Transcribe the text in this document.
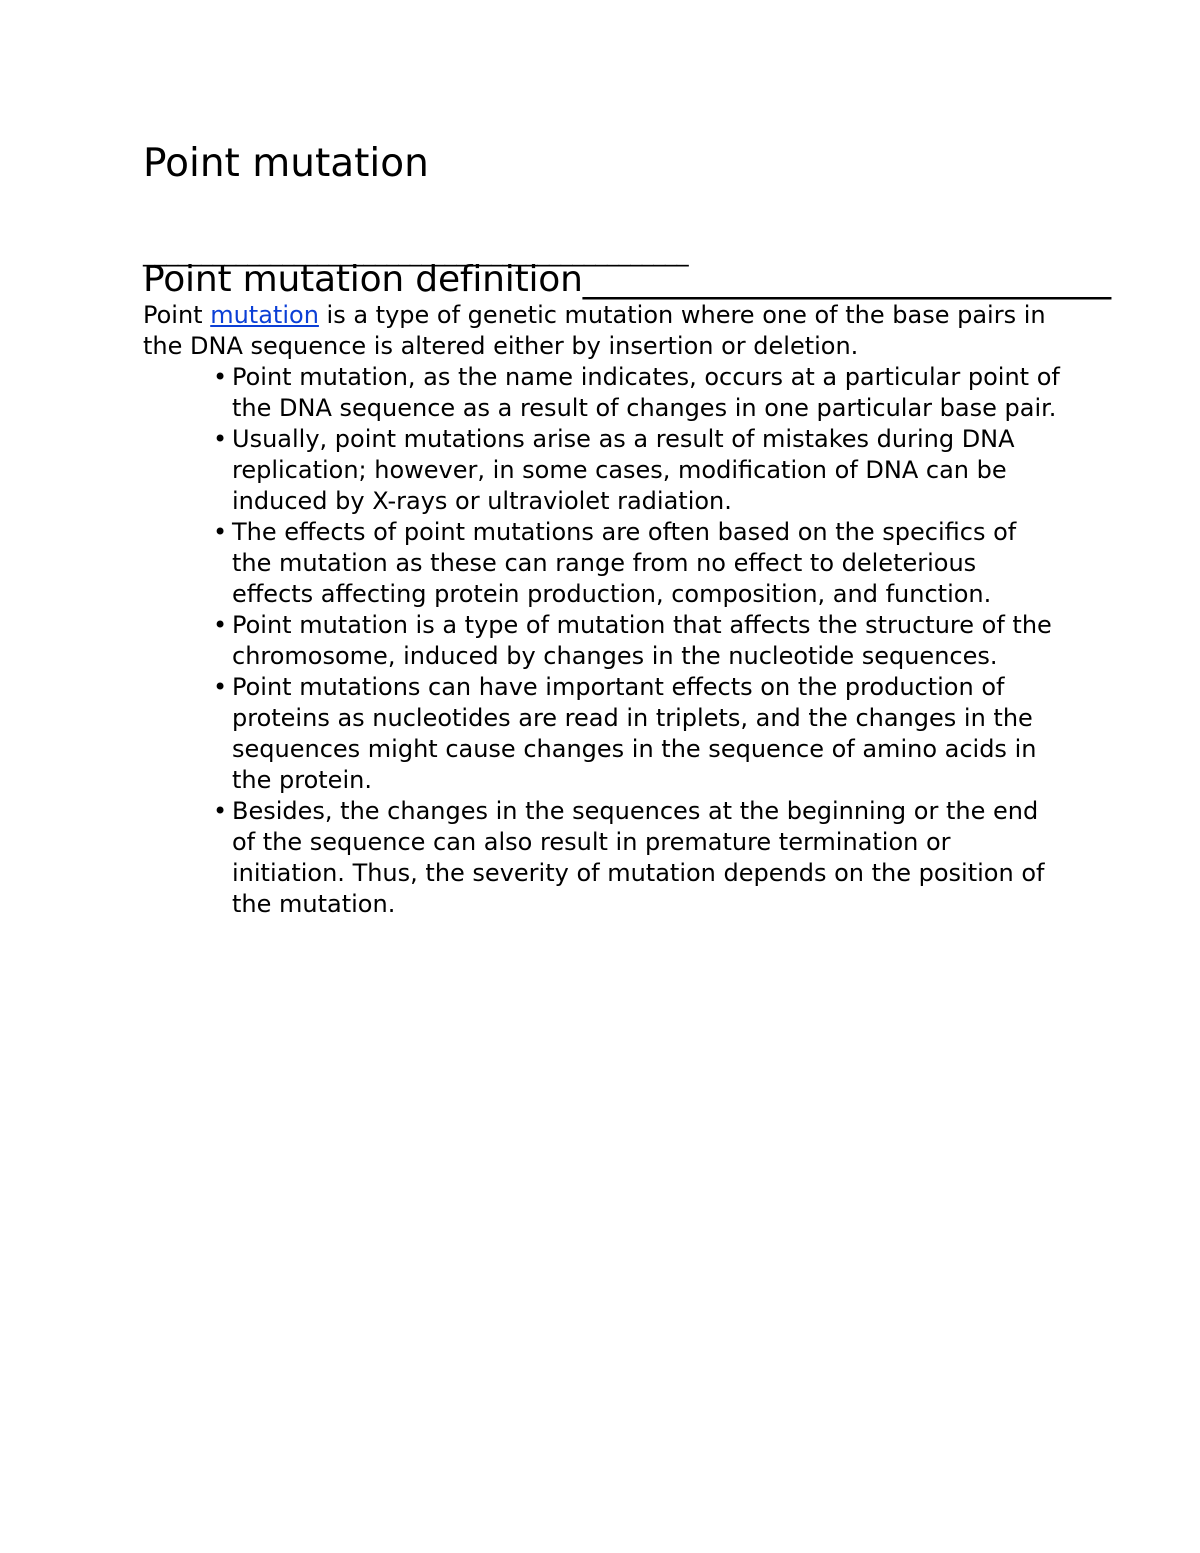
Point mutation
_______________________________________________
Point mutation definition______________________________

Point mutation is a type of genetic mutation where one of the base pairs in the DNA sequence is altered either by insertion or deletion.

• Point mutation, as the name indicates, occurs at a particular point of the DNA sequence as a result of changes in one particular base pair.
• Usually, point mutations arise as a result of mistakes during DNA replication; however, in some cases, modification of DNA can be induced by X-rays or ultraviolet radiation.
• The effects of point mutations are often based on the specifics of the mutation as these can range from no effect to deleterious effects affecting protein production, composition, and function.
• Point mutation is a type of mutation that affects the structure of the chromosome, induced by changes in the nucleotide sequences.
• Point mutations can have important effects on the production of proteins as nucleotides are read in triplets, and the changes in the sequences might cause changes in the sequence of amino acids in the protein.
• Besides, the changes in the sequences at the beginning or the end of the sequence can also result in premature termination or initiation. Thus, the severity of mutation depends on the position of the mutation.
